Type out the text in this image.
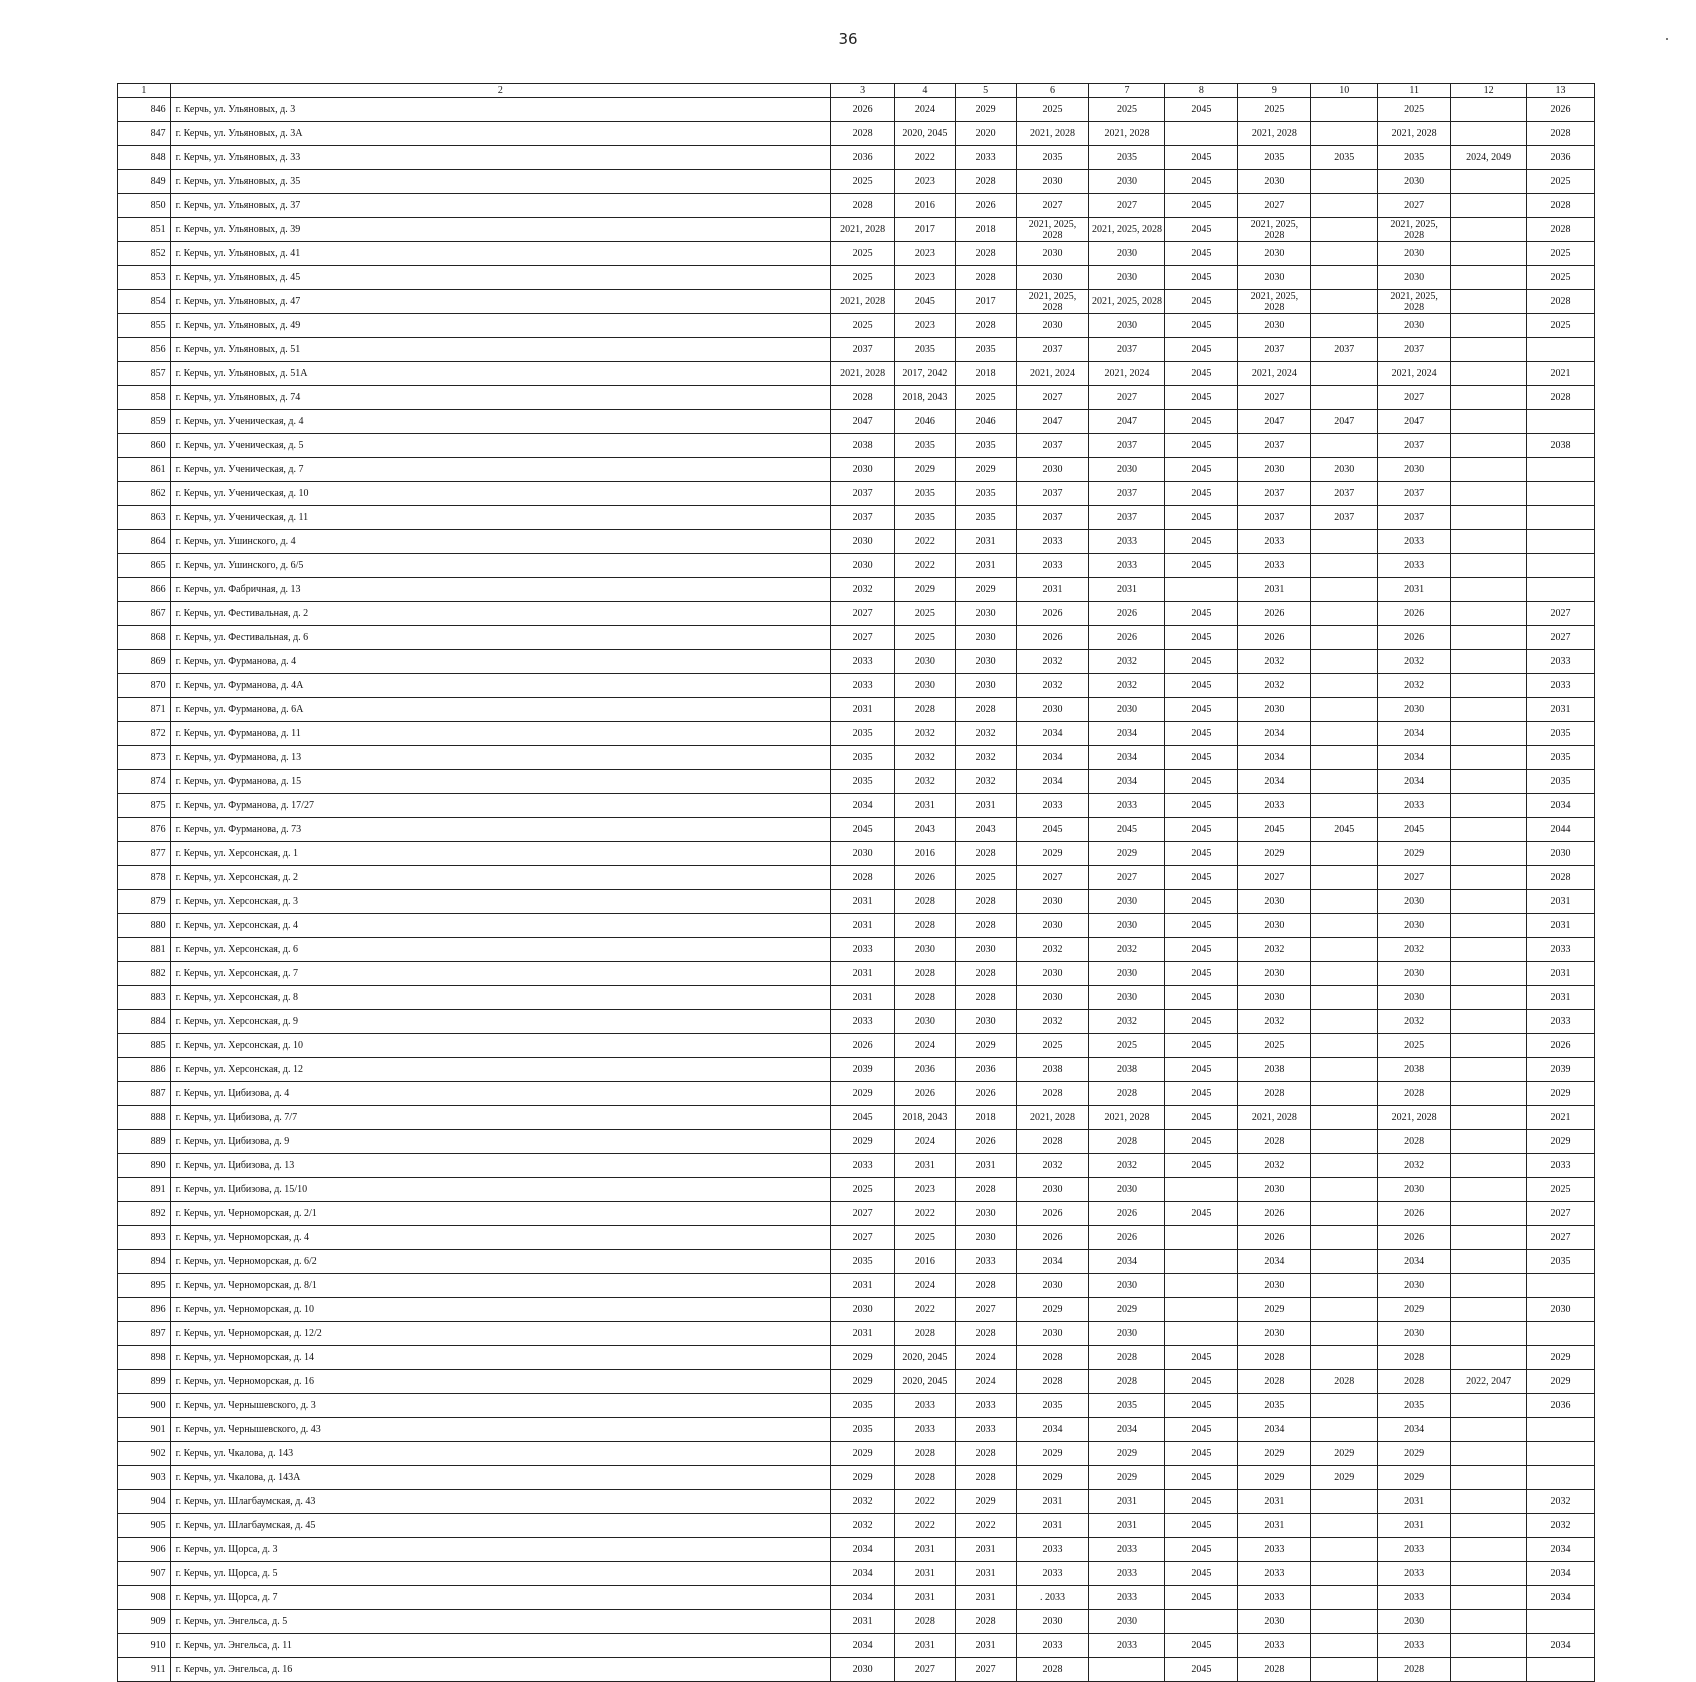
36
1	2	3	4	5	6	7	8	9	10	11	12	13
846	г. Керчь, ул. Ульяновых, д. 3	2026	2024	2029	2025	2025	2045	2025		2025		2026
847	г. Керчь, ул. Ульяновых, д. 3А	2028	2020, 2045	2020	2021, 2028	2021, 2028		2021, 2028		2021, 2028		2028
848	г. Керчь, ул. Ульяновых, д. 33	2036	2022	2033	2035	2035	2045	2035	2035	2035	2024, 2049	2036
849	г. Керчь, ул. Ульяновых, д. 35	2025	2023	2028	2030	2030	2045	2030		2030		2025
850	г. Керчь, ул. Ульяновых, д. 37	2028	2016	2026	2027	2027	2045	2027		2027		2028
851	г. Керчь, ул. Ульяновых, д. 39	2021, 2028	2017	2018	2021, 2025, 2028	2021, 2025, 2028	2045	2021, 2025, 2028		2021, 2025, 2028		2028
852	г. Керчь, ул. Ульяновых, д. 41	2025	2023	2028	2030	2030	2045	2030		2030		2025
853	г. Керчь, ул. Ульяновых, д. 45	2025	2023	2028	2030	2030	2045	2030		2030		2025
854	г. Керчь, ул. Ульяновых, д. 47	2021, 2028	2045	2017	2021, 2025, 2028	2021, 2025, 2028	2045	2021, 2025, 2028		2021, 2025, 2028		2028
855	г. Керчь, ул. Ульяновых, д. 49	2025	2023	2028	2030	2030	2045	2030		2030		2025
856	г. Керчь, ул. Ульяновых, д. 51	2037	2035	2035	2037	2037	2045	2037	2037	2037		
857	г. Керчь, ул. Ульяновых, д. 51А	2021, 2028	2017, 2042	2018	2021, 2024	2021, 2024	2045	2021, 2024		2021, 2024		2021
858	г. Керчь, ул. Ульяновых, д. 74	2028	2018, 2043	2025	2027	2027	2045	2027		2027		2028
859	г. Керчь, ул. Ученическая, д. 4	2047	2046	2046	2047	2047	2045	2047	2047	2047		
860	г. Керчь, ул. Ученическая, д. 5	2038	2035	2035	2037	2037	2045	2037		2037		2038
861	г. Керчь, ул. Ученическая, д. 7	2030	2029	2029	2030	2030	2045	2030	2030	2030		
862	г. Керчь, ул. Ученическая, д. 10	2037	2035	2035	2037	2037	2045	2037	2037	2037		
863	г. Керчь, ул. Ученическая, д. 11	2037	2035	2035	2037	2037	2045	2037	2037	2037		
864	г. Керчь, ул. Ушинского, д. 4	2030	2022	2031	2033	2033	2045	2033		2033		
865	г. Керчь, ул. Ушинского, д. 6/5	2030	2022	2031	2033	2033	2045	2033		2033		
866	г. Керчь, ул. Фабричная, д. 13	2032	2029	2029	2031	2031		2031		2031		
867	г. Керчь, ул. Фестивальная, д. 2	2027	2025	2030	2026	2026	2045	2026		2026		2027
868	г. Керчь, ул. Фестивальная, д. 6	2027	2025	2030	2026	2026	2045	2026		2026		2027
869	г. Керчь, ул. Фурманова, д. 4	2033	2030	2030	2032	2032	2045	2032		2032		2033
870	г. Керчь, ул. Фурманова, д. 4А	2033	2030	2030	2032	2032	2045	2032		2032		2033
871	г. Керчь, ул. Фурманова, д. 6А	2031	2028	2028	2030	2030	2045	2030		2030		2031
872	г. Керчь, ул. Фурманова, д. 11	2035	2032	2032	2034	2034	2045	2034		2034		2035
873	г. Керчь, ул. Фурманова, д. 13	2035	2032	2032	2034	2034	2045	2034		2034		2035
874	г. Керчь, ул. Фурманова, д. 15	2035	2032	2032	2034	2034	2045	2034		2034		2035
875	г. Керчь, ул. Фурманова, д. 17/27	2034	2031	2031	2033	2033	2045	2033		2033		2034
876	г. Керчь, ул. Фурманова, д. 73	2045	2043	2043	2045	2045	2045	2045	2045	2045		2044
877	г. Керчь, ул. Херсонская, д. 1	2030	2016	2028	2029	2029	2045	2029		2029		2030
878	г. Керчь, ул. Херсонская, д. 2	2028	2026	2025	2027	2027	2045	2027		2027		2028
879	г. Керчь, ул. Херсонская, д. 3	2031	2028	2028	2030	2030	2045	2030		2030		2031
880	г. Керчь, ул. Херсонская, д. 4	2031	2028	2028	2030	2030	2045	2030		2030		2031
881	г. Керчь, ул. Херсонская, д. 6	2033	2030	2030	2032	2032	2045	2032		2032		2033
882	г. Керчь, ул. Херсонская, д. 7	2031	2028	2028	2030	2030	2045	2030		2030		2031
883	г. Керчь, ул. Херсонская, д. 8	2031	2028	2028	2030	2030	2045	2030		2030		2031
884	г. Керчь, ул. Херсонская, д. 9	2033	2030	2030	2032	2032	2045	2032		2032		2033
885	г. Керчь, ул. Херсонская, д. 10	2026	2024	2029	2025	2025	2045	2025		2025		2026
886	г. Керчь, ул. Херсонская, д. 12	2039	2036	2036	2038	2038	2045	2038		2038		2039
887	г. Керчь, ул. Цибизова, д. 4	2029	2026	2026	2028	2028	2045	2028		2028		2029
888	г. Керчь, ул. Цибизова, д. 7/7	2045	2018, 2043	2018	2021, 2028	2021, 2028	2045	2021, 2028		2021, 2028		2021
889	г. Керчь, ул. Цибизова, д. 9	2029	2024	2026	2028	2028	2045	2028		2028		2029
890	г. Керчь, ул. Цибизова, д. 13	2033	2031	2031	2032	2032	2045	2032		2032		2033
891	г. Керчь, ул. Цибизова, д. 15/10	2025	2023	2028	2030	2030		2030		2030		2025
892	г. Керчь, ул. Черноморская, д. 2/1	2027	2022	2030	2026	2026	2045	2026		2026		2027
893	г. Керчь, ул. Черноморская, д. 4	2027	2025	2030	2026	2026		2026		2026		2027
894	г. Керчь, ул. Черноморская, д. 6/2	2035	2016	2033	2034	2034		2034		2034		2035
895	г. Керчь, ул. Черноморская, д. 8/1	2031	2024	2028	2030	2030		2030		2030		
896	г. Керчь, ул. Черноморская, д. 10	2030	2022	2027	2029	2029		2029		2029		2030
897	г. Керчь, ул. Черноморская, д. 12/2	2031	2028	2028	2030	2030		2030		2030		
898	г. Керчь, ул. Черноморская, д. 14	2029	2020, 2045	2024	2028	2028	2045	2028		2028		2029
899	г. Керчь, ул. Черноморская, д. 16	2029	2020, 2045	2024	2028	2028	2045	2028	2028	2028	2022, 2047	2029
900	г. Керчь, ул. Чернышевского, д. 3	2035	2033	2033	2035	2035	2045	2035		2035		2036
901	г. Керчь, ул. Чернышевского, д. 43	2035	2033	2033	2034	2034	2045	2034		2034		
902	г. Керчь, ул. Чкалова, д. 143	2029	2028	2028	2029	2029	2045	2029	2029	2029		
903	г. Керчь, ул. Чкалова, д. 143А	2029	2028	2028	2029	2029	2045	2029	2029	2029		
904	г. Керчь, ул. Шлагбаумская, д. 43	2032	2022	2029	2031	2031	2045	2031		2031		2032
905	г. Керчь, ул. Шлагбаумская, д. 45	2032	2022	2022	2031	2031	2045	2031		2031		2032
906	г. Керчь, ул. Щорса, д. 3	2034	2031	2031	2033	2033	2045	2033		2033		2034
907	г. Керчь, ул. Щорса, д. 5	2034	2031	2031	2033	2033	2045	2033		2033		2034
908	г. Керчь, ул. Щорса, д. 7	2034	2031	2031	. 2033	2033	2045	2033		2033		2034
909	г. Керчь, ул. Энгельса, д. 5	2031	2028	2028	2030	2030		2030		2030		
910	г. Керчь, ул. Энгельса, д. 11	2034	2031	2031	2033	2033	2045	2033		2033		2034
911	г. Керчь, ул. Энгельса, д. 16	2030	2027	2027	2028		2045	2028		2028		
